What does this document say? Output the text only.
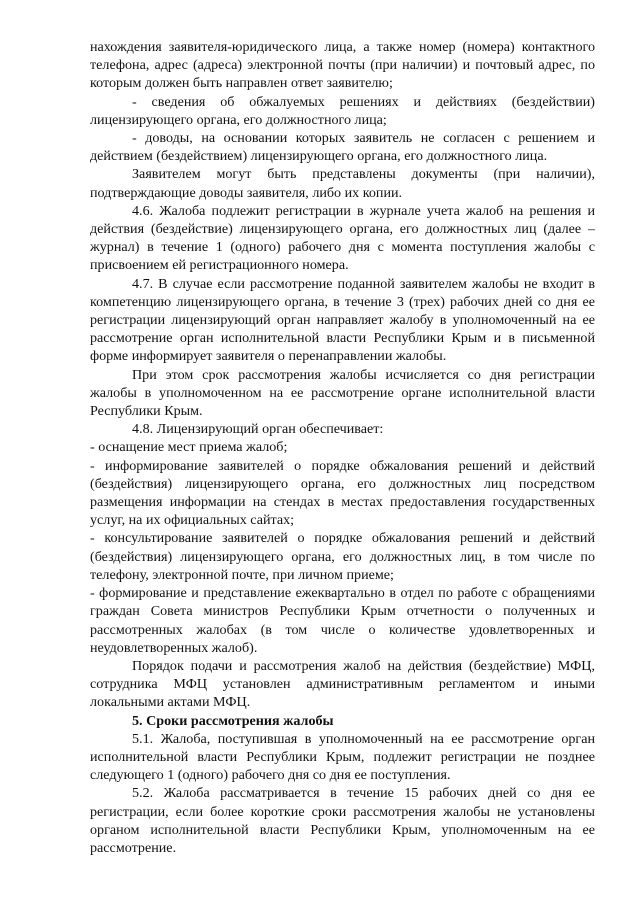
нахождения заявителя-юридического лица, а также номер (номера) контактного телефона, адрес (адреса) электронной почты (при наличии) и почтовый адрес, по которым должен быть направлен ответ заявителю;

- сведения об обжалуемых решениях и действиях (бездействии) лицензирующего органа, его должностного лица;

- доводы, на основании которых заявитель не согласен с решением и действием (бездействием) лицензирующего органа, его должностного лица.

Заявителем могут быть представлены документы (при наличии), подтверждающие доводы заявителя, либо их копии.

4.6. Жалоба подлежит регистрации в журнале учета жалоб на решения и действия (бездействие) лицензирующего органа, его должностных лиц (далее – журнал) в течение 1 (одного) рабочего дня с момента поступления жалобы с присвоением ей регистрационного номера.

4.7. В случае если рассмотрение поданной заявителем жалобы не входит в компетенцию лицензирующего органа, в течение 3 (трех) рабочих дней со дня ее регистрации лицензирующий орган направляет жалобу в уполномоченный на ее рассмотрение орган исполнительной власти Республики Крым и в письменной форме информирует заявителя о перенаправлении жалобы.

При этом срок рассмотрения жалобы исчисляется со дня регистрации жалобы в уполномоченном на ее рассмотрение органе исполнительной власти Республики Крым.

4.8. Лицензирующий орган обеспечивает:

- оснащение мест приема жалоб;

- информирование заявителей о порядке обжалования решений и действий (бездействия) лицензирующего органа, его должностных лиц посредством размещения информации на стендах в местах предоставления государственных услуг, на их официальных сайтах;

- консультирование заявителей о порядке обжалования решений и действий (бездействия) лицензирующего органа, его должностных лиц, в том числе по телефону, электронной почте, при личном приеме;

- формирование и представление ежеквартально в отдел по работе с обращениями граждан Совета министров Республики Крым отчетности о полученных и рассмотренных жалобах (в том числе о количестве удовлетворенных и неудовлетворенных жалоб).

Порядок подачи и рассмотрения жалоб на действия (бездействие) МФЦ, сотрудника МФЦ установлен административным регламентом и иными локальными актами МФЦ.

5. Сроки рассмотрения жалобы

5.1. Жалоба, поступившая в уполномоченный на ее рассмотрение орган исполнительной власти Республики Крым, подлежит регистрации не позднее следующего 1 (одного) рабочего дня со дня ее поступления.

5.2. Жалоба рассматривается в течение 15 рабочих дней со дня ее регистрации, если более короткие сроки рассмотрения жалобы не установлены органом исполнительной власти Республики Крым, уполномоченным на ее рассмотрение.
